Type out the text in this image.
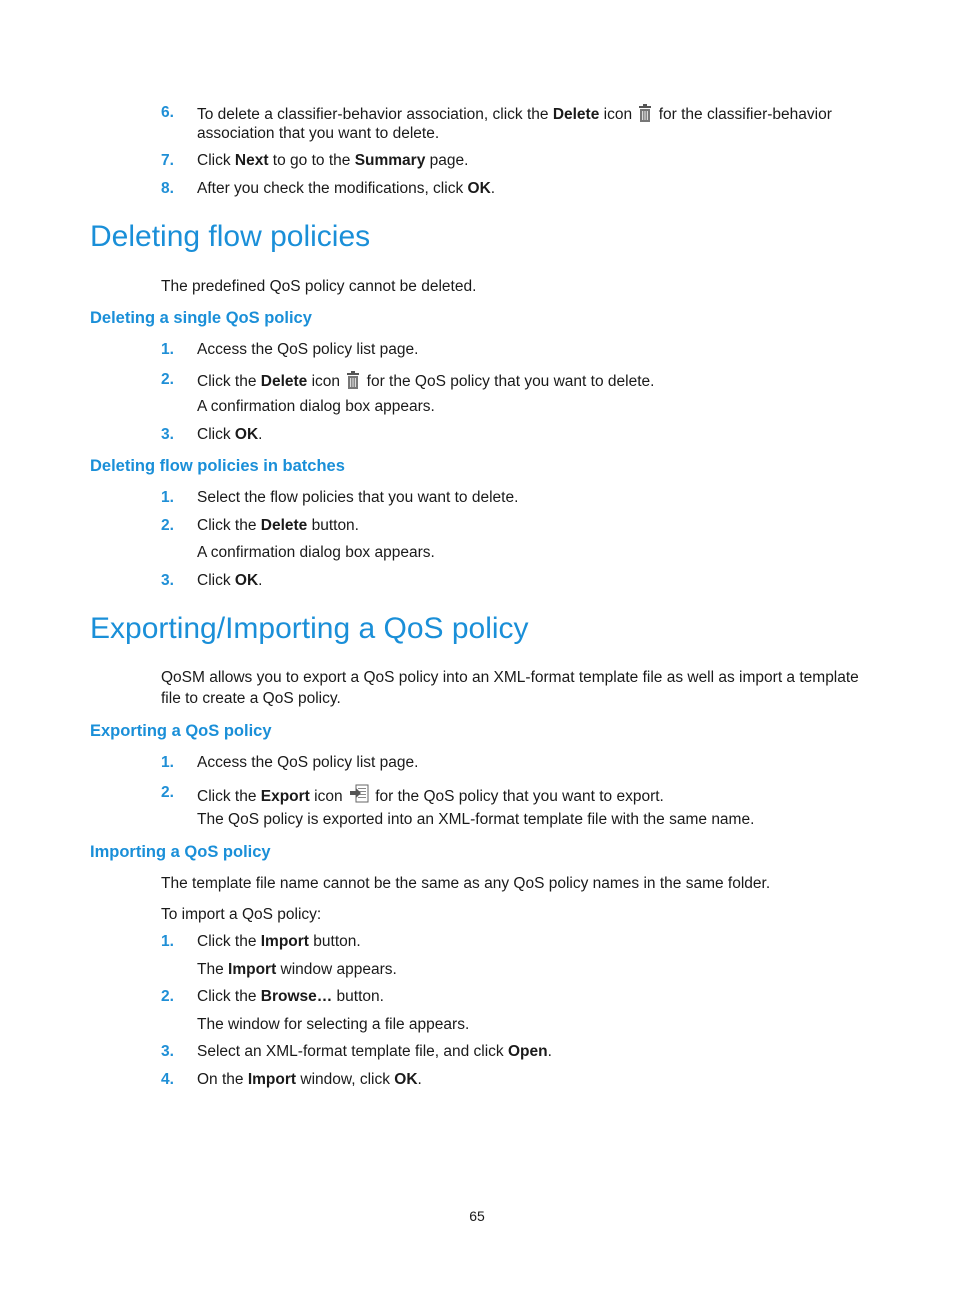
6. To delete a classifier-behavior association, click the Delete icon  for the classifier-behavior
association that you want to delete.
7. Click Next to go to the Summary page.
8. After you check the modifications, click OK.
Deleting flow policies
The predefined QoS policy cannot be deleted.
Deleting a single QoS policy
1. Access the QoS policy list page.
2. Click the Delete icon  for the QoS policy that you want to delete.
A confirmation dialog box appears.
3. Click OK.
Deleting flow policies in batches
1. Select the flow policies that you want to delete.
2. Click the Delete button.
A confirmation dialog box appears.
3. Click OK.
Exporting/Importing a QoS policy
QoSM allows you to export a QoS policy into an XML-format template file as well as import a template
file to create a QoS policy.
Exporting a QoS policy
1. Access the QoS policy list page.
2. Click the Export icon  for the QoS policy that you want to export.
The QoS policy is exported into an XML-format template file with the same name.
Importing a QoS policy
The template file name cannot be the same as any QoS policy names in the same folder.
To import a QoS policy:
1. Click the Import button.
The Import window appears.
2. Click the Browse… button.
The window for selecting a file appears.
3. Select an XML-format template file, and click Open.
4. On the Import window, click OK.
65
